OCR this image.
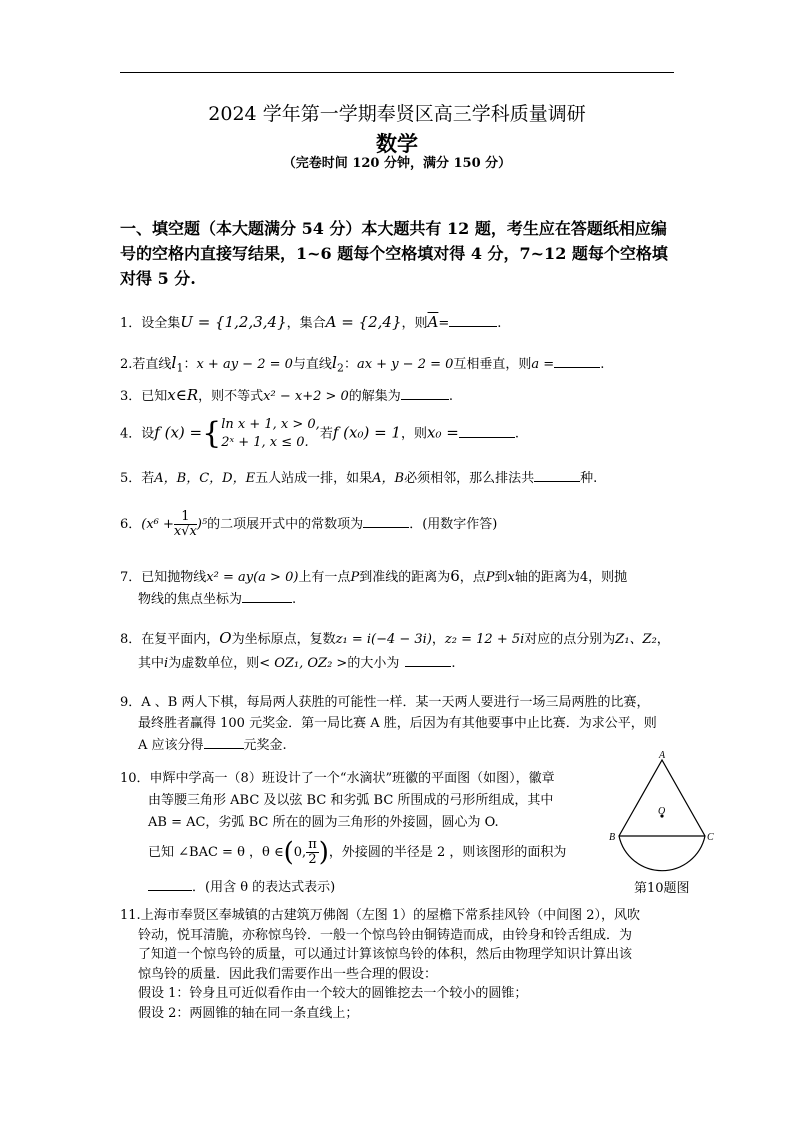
2024 学年第一学期奉贤区高三学科质量调研
数学
（完卷时间 120 分钟，满分 150 分）
一、填空题（本大题满分 54 分）本大题共有 12 题，考生应在答题纸相应编号的空格内直接写结果，1~6 题每个空格填对得 4 分，7~12 题每个空格填对得 5 分.
1．设全集U = {1,2,3,4}，集合A = {2,4}，则$\overline{A}=$	.
2.若直线$l_1$：x + ay − 2 = 0与直线$l_2$：ax + y − 2 = 0互相垂直，则a =	.
3．已知x∈R，则不等式x² − x+2 > 0的解集为	.
4．设f (x) ={ ln x + 1, x > 0,
2ˣ + 1, x ≤ 0.
若f (x₀) = 1，则x₀ =	.
5．若A，B，C，D，E五人站成一排，如果A，B必须相邻，那么排法共	种.
6．$(x^6 + \frac{1}{x√x} )^5$的二项展开式中的常数项为	．(用数字作答)
7．已知抛物线x² = ay(a > 0)上有一点P到准线的距离为6，点P到x轴的距离为4，则抛
物线的焦点坐标为	.
8．在复平面内，O为坐标原点，复数z₁ = i(−4 − 3i)，z₂ = 12 + 5i对应的点分别为Z₁、Z₂，
其中i为虚数单位，则< OZ₁, OZ₂ >的大小为	.
9．A 、B 两人下棋，每局两人获胜的可能性一样．某一天两人要进行一场三局两胜的比赛，
最终胜者赢得 100 元奖金．第一局比赛 A 胜，后因为有其他要事中止比赛．为求公平，则
A 应该分得	元奖金.
10．申辉中学高一（8）班设计了一个“水滴状”班徽的平面图（如图），徽章
由等腰三角形 ABC 及以弦 BC 和劣弧 BC 所围成的弓形所组成，其中
AB = AC，劣弧 BC 所在的圆为三角形的外接圆，圆心为 O.
已知 ∠BAC = θ ，θ ∈(0, $\frac{\pi}{2}$ )，外接圆的半径是 2 ，则该图形的面积为
．(用含 θ 的表达式表示)
A
O
B	C
第10题图

11.上海市奉贤区奉城镇的古建筑万佛阁（左图 1）的屋檐下常系挂风铃（中间图 2），风吹

铃动，悦耳清脆，亦称惊鸟铃．一般一个惊鸟铃由铜铸造而成，由铃身和铃舌组成．为

了知道一个惊鸟铃的质量，可以通过计算该惊鸟铃的体积，然后由物理学知识计算出该

惊鸟铃的质量．因此我们需要作出一些合理的假设：

假设 1：铃身且可近似看作由一个较大的圆锥挖去一个较小的圆锥；

假设 2：两圆锥的轴在同一条直线上；
